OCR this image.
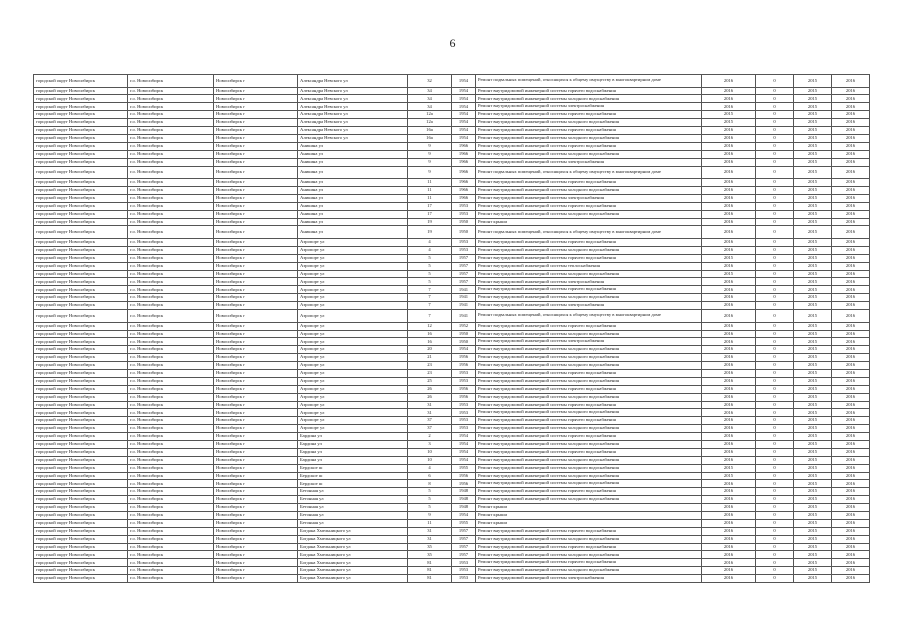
6
городской округ Новосибирск	г.о. Новосибирск	Новосибирск г	Александра Невского ул	32	1954	Ремонт подвальных помещений, относящихся к общему имуществу в многоквартирном доме	2016	0	2015	2016
городской округ Новосибирск	г.о. Новосибирск	Новосибирск г	Александра Невского ул	34	1954	Ремонт внутридомовой инженерной системы горячего водоснабжения	2016	0	2015	2016
городской округ Новосибирск	г.о. Новосибирск	Новосибирск г	Александра Невского ул	34	1954	Ремонт внутридомовой инженерной системы холодного водоснабжения	2016	0	2015	2016
городской округ Новосибирск	г.о. Новосибирск	Новосибирск г	Александра Невского ул	34	1954	Ремонт внутридомовой инженерной системы электроснабжения	2016	0	2015	2016
городской округ Новосибирск	г.о. Новосибирск	Новосибирск г	Александра Невского ул	12а	1954	Ремонт внутридомовой инженерной системы горячего водоснабжения	2015	0	2015	2016
городской округ Новосибирск	г.о. Новосибирск	Новосибирск г	Александра Невского ул	12а	1954	Ремонт внутридомовой инженерной системы холодного водоснабжения	2015	0	2015	2016
городской округ Новосибирск	г.о. Новосибирск	Новосибирск г	Александра Невского ул	16а	1954	Ремонт внутридомовой инженерной системы горячего водоснабжения	2016	0	2015	2016
городской округ Новосибирск	г.о. Новосибирск	Новосибирск г	Александра Невского ул	16а	1954	Ремонт внутридомовой инженерной системы холодного водоснабжения	2016	0	2015	2016
городской округ Новосибирск	г.о. Новосибирск	Новосибирск г	Аникина ул	9	1966	Ремонт внутридомовой инженерной системы горячего водоснабжения	2016	0	2015	2016
городской округ Новосибирск	г.о. Новосибирск	Новосибирск г	Аникина ул	9	1966	Ремонт внутридомовой инженерной системы холодного водоснабжения	2016	0	2015	2016
городской округ Новосибирск	г.о. Новосибирск	Новосибирск г	Аникина ул	9	1966	Ремонт внутридомовой инженерной системы электроснабжения	2016	0	2015	2016
городской округ Новосибирск	г.о. Новосибирск	Новосибирск г	Аникина ул	9	1966	Ремонт подвальных помещений, относящихся к общему имуществу в многоквартирном доме	2016	0	2015	2016
городской округ Новосибирск	г.о. Новосибирск	Новосибирск г	Аникина ул	11	1966	Ремонт внутридомовой инженерной системы горячего водоснабжения	2016	0	2015	2016
городской округ Новосибирск	г.о. Новосибирск	Новосибирск г	Аникина ул	11	1966	Ремонт внутридомовой инженерной системы холодного водоснабжения	2016	0	2015	2016
городской округ Новосибирск	г.о. Новосибирск	Новосибирск г	Аникина ул	11	1966	Ремонт внутридомовой инженерной системы электроснабжения	2016	0	2015	2016
городской округ Новосибирск	г.о. Новосибирск	Новосибирск г	Аникина ул	17	1953	Ремонт внутридомовой инженерной системы горячего водоснабжения	2016	0	2015	2016
городской округ Новосибирск	г.о. Новосибирск	Новосибирск г	Аникина ул	17	1953	Ремонт внутридомовой инженерной системы холодного водоснабжения	2016	0	2015	2016
городской округ Новосибирск	г.о. Новосибирск	Новосибирск г	Аникина ул	19	1950	Ремонт крыши	2016	0	2015	2016
городской округ Новосибирск	г.о. Новосибирск	Новосибирск г	Аникина ул	19	1950	Ремонт подвальных помещений, относящихся к общему имуществу в многоквартирном доме	2016	0	2015	2016
городской округ Новосибирск	г.о. Новосибирск	Новосибирск г	Аэропорт ул	4	1953	Ремонт внутридомовой инженерной системы горячего водоснабжения	2016	0	2015	2016
городской округ Новосибирск	г.о. Новосибирск	Новосибирск г	Аэропорт ул	4	1953	Ремонт внутридомовой инженерной системы холодного водоснабжения	2016	0	2015	2016
городской округ Новосибирск	г.о. Новосибирск	Новосибирск г	Аэропорт ул	5	1957	Ремонт внутридомовой инженерной системы горячего водоснабжения	2015	0	2015	2016
городской округ Новосибирск	г.о. Новосибирск	Новосибирск г	Аэропорт ул	5	1957	Ремонт внутридомовой инженерной системы теплоснабжения	2016	0	2015	2016
городской округ Новосибирск	г.о. Новосибирск	Новосибирск г	Аэропорт ул	5	1957	Ремонт внутридомовой инженерной системы холодного водоснабжения	2015	0	2015	2016
городской округ Новосибирск	г.о. Новосибирск	Новосибирск г	Аэропорт ул	5	1957	Ремонт внутридомовой инженерной системы электроснабжения	2016	0	2015	2016
городской округ Новосибирск	г.о. Новосибирск	Новосибирск г	Аэропорт ул	7	1941	Ремонт внутридомовой инженерной системы горячего водоснабжения	2016	0	2015	2016
городской округ Новосибирск	г.о. Новосибирск	Новосибирск г	Аэропорт ул	7	1941	Ремонт внутридомовой инженерной системы холодного водоснабжения	2016	0	2015	2016
городской округ Новосибирск	г.о. Новосибирск	Новосибирск г	Аэропорт ул	7	1941	Ремонт внутридомовой инженерной системы электроснабжения	2016	0	2015	2016
городской округ Новосибирск	г.о. Новосибирск	Новосибирск г	Аэропорт ул	7	1941	Ремонт подвальных помещений, относящихся к общему имуществу в многоквартирном доме	2016	0	2015	2016
городской округ Новосибирск	г.о. Новосибирск	Новосибирск г	Аэропорт ул	12	1952	Ремонт внутридомовой инженерной системы горячего водоснабжения	2016	0	2015	2016
городской округ Новосибирск	г.о. Новосибирск	Новосибирск г	Аэропорт ул	16	1950	Ремонт внутридомовой инженерной системы холодного водоснабжения	2016	0	2015	2016
городской округ Новосибирск	г.о. Новосибирск	Новосибирск г	Аэропорт ул	16	1950	Ремонт внутридомовой инженерной системы электроснабжения	2016	0	2015	2016
городской округ Новосибирск	г.о. Новосибирск	Новосибирск г	Аэропорт ул	20	1954	Ремонт внутридомовой инженерной системы холодного водоснабжения	2016	0	2015	2016
городской округ Новосибирск	г.о. Новосибирск	Новосибирск г	Аэропорт ул	21	1956	Ремонт внутридомовой инженерной системы холодного водоснабжения	2016	0	2015	2016
городской округ Новосибирск	г.о. Новосибирск	Новосибирск г	Аэропорт ул	23	1956	Ремонт внутридомовой инженерной системы холодного водоснабжения	2016	0	2015	2016
городской округ Новосибирск	г.о. Новосибирск	Новосибирск г	Аэропорт ул	23	1953	Ремонт внутридомовой инженерной системы горячего водоснабжения	2016	0	2015	2016
городской округ Новосибирск	г.о. Новосибирск	Новосибирск г	Аэропорт ул	25	1953	Ремонт внутридомовой инженерной системы холодного водоснабжения	2016	0	2015	2016
городской округ Новосибирск	г.о. Новосибирск	Новосибирск г	Аэропорт ул	26	1956	Ремонт внутридомовой инженерной системы горячего водоснабжения	2016	0	2015	2016
городской округ Новосибирск	г.о. Новосибирск	Новосибирск г	Аэропорт ул	26	1956	Ремонт внутридомовой инженерной системы холодного водоснабжения	2016	0	2015	2016
городской округ Новосибирск	г.о. Новосибирск	Новосибирск г	Аэропорт ул	31	1953	Ремонт внутридомовой инженерной системы горячего водоснабжения	2016	0	2015	2016
городской округ Новосибирск	г.о. Новосибирск	Новосибирск г	Аэропорт ул	31	1953	Ремонт внутридомовой инженерной системы холодного водоснабжения	2016	0	2015	2016
городской округ Новосибирск	г.о. Новосибирск	Новосибирск г	Аэропорт ул	37	1953	Ремонт внутридомовой инженерной системы горячего водоснабжения	2016	0	2015	2016
городской округ Новосибирск	г.о. Новосибирск	Новосибирск г	Аэропорт ул	37	1953	Ремонт внутридомовой инженерной системы холодного водоснабжения	2016	0	2015	2016
городской округ Новосибирск	г.о. Новосибирск	Новосибирск г	Бардина ул	2	1954	Ремонт внутридомовой инженерной системы горячего водоснабжения	2016	0	2015	2016
городской округ Новосибирск	г.о. Новосибирск	Новосибирск г	Бардина ул	3	1954	Ремонт внутридомовой инженерной системы холодного водоснабжения	2016	0	2015	2016
городской округ Новосибирск	г.о. Новосибирск	Новосибирск г	Бардина ул	10	1954	Ремонт внутридомовой инженерной системы горячего водоснабжения	2016	0	2015	2016
городской округ Новосибирск	г.о. Новосибирск	Новосибирск г	Бардина ул	10	1954	Ремонт внутридомовой инженерной системы холодного водоснабжения	2016	0	2015	2016
городской округ Новосибирск	г.о. Новосибирск	Новосибирск г	Бердское ш	4	1955	Ремонт внутридомовой инженерной системы холодного водоснабжения	2015	0	2015	2016
городской округ Новосибирск	г.о. Новосибирск	Новосибирск г	Бердское ш	6	1956	Ремонт внутридомовой инженерной системы холодного водоснабжения	2015	0	2015	2016
городской округ Новосибирск	г.о. Новосибирск	Новосибирск г	Бердское ш	8	1956	Ремонт внутридомовой инженерной системы холодного водоснабжения	2016	0	2015	2016
городской округ Новосибирск	г.о. Новосибирск	Новосибирск г	Бетонная ул	5	1948	Ремонт внутридомовой инженерной системы горячего водоснабжения	2016	0	2015	2016
городской округ Новосибирск	г.о. Новосибирск	Новосибирск г	Бетонная ул	5	1948	Ремонт внутридомовой инженерной системы холодного водоснабжения	2016	0	2015	2016
городской округ Новосибирск	г.о. Новосибирск	Новосибирск г	Бетонная ул	5	1948	Ремонт крыши	2016	0	2015	2016
городской округ Новосибирск	г.о. Новосибирск	Новосибирск г	Бетонная ул	9	1954	Ремонт крыши	2016	0	2015	2016
городской округ Новосибирск	г.о. Новосибирск	Новосибирск г	Бетонная ул	11	1955	Ремонт крыши	2016	0	2015	2016
городской округ Новосибирск	г.о. Новосибирск	Новосибирск г	Богдана Хмельницкого ул	31	1957	Ремонт внутридомовой инженерной системы горячего водоснабжения	2016	0	2015	2016
городской округ Новосибирск	г.о. Новосибирск	Новосибирск г	Богдана Хмельницкого ул	31	1957	Ремонт внутридомовой инженерной системы холодного водоснабжения	2016	0	2015	2016
городской округ Новосибирск	г.о. Новосибирск	Новосибирск г	Богдана Хмельницкого ул	35	1957	Ремонт внутридомовой инженерной системы горячего водоснабжения	2016	0	2015	2016
городской округ Новосибирск	г.о. Новосибирск	Новосибирск г	Богдана Хмельницкого ул	35	1957	Ремонт внутридомовой инженерной системы холодного водоснабжения	2016	0	2015	2016
городской округ Новосибирск	г.о. Новосибирск	Новосибирск г	Богдана Хмельницкого ул	81	1953	Ремонт внутридомовой инженерной системы горячего водоснабжения	2016	0	2015	2016
городской округ Новосибирск	г.о. Новосибирск	Новосибирск г	Богдана Хмельницкого ул	81	1953	Ремонт внутридомовой инженерной системы холодного водоснабжения	2016	0	2015	2016
городской округ Новосибирск	г.о. Новосибирск	Новосибирск г	Богдана Хмельницкого ул	81	1953	Ремонт внутридомовой инженерной системы электроснабжения	2016	0	2015	2016
